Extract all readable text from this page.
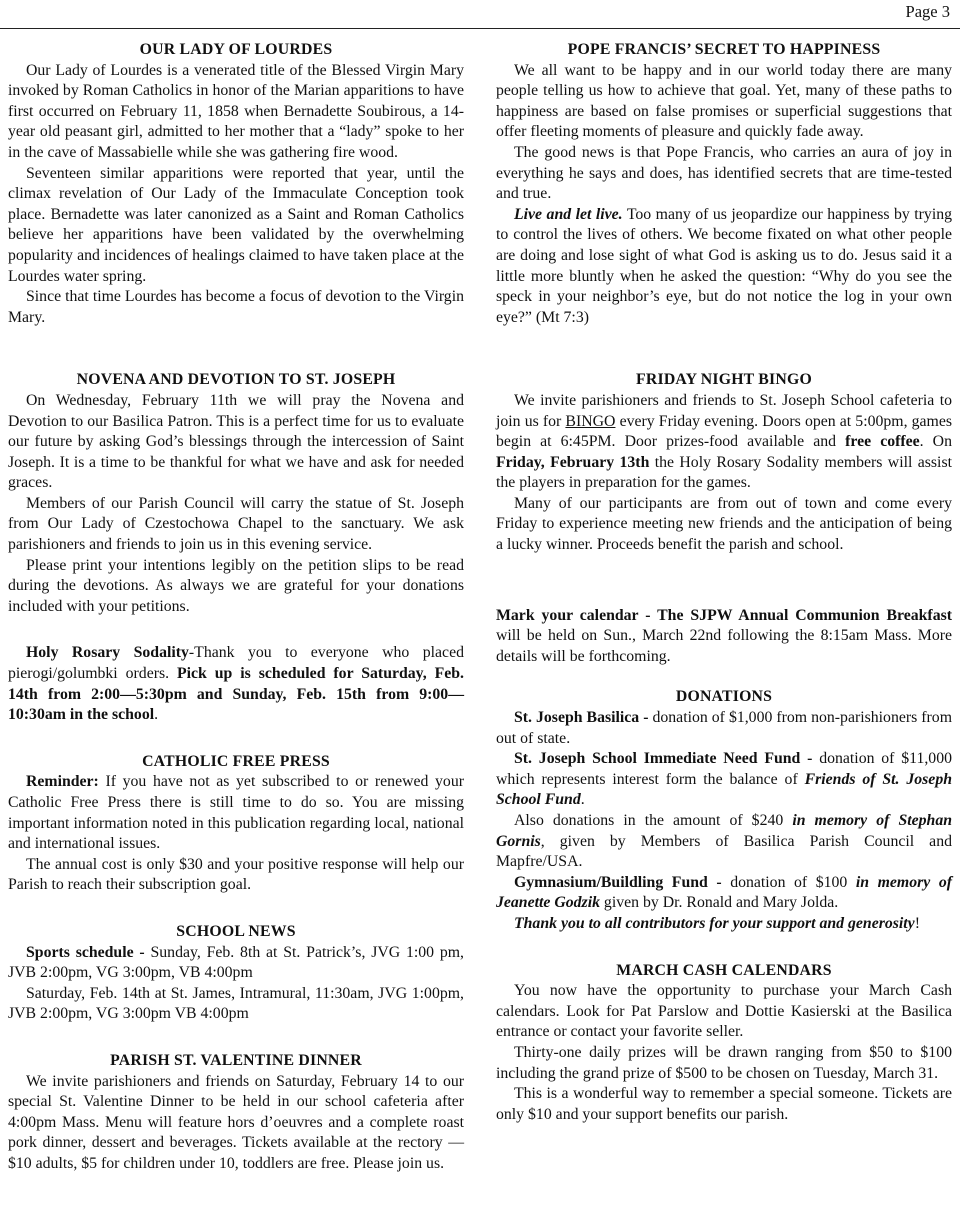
Page 3
OUR LADY OF LOURDES

Our Lady of Lourdes is a venerated title of the Blessed Virgin Mary invoked by Roman Catholics in honor of the Marian apparitions to have first occurred on February 11, 1858 when Bernadette Soubirous, a 14-year old peasant girl, admitted to her mother that a “lady” spoke to her in the cave of Massabielle while she was gathering fire wood.

Seventeen similar apparitions were reported that year, until the climax revelation of Our Lady of the Immaculate Conception took place. Bernadette was later canonized as a Saint and Roman Catholics believe her apparitions have been validated by the overwhelming popularity and incidences of healings claimed to have taken place at the Lourdes water spring.

Since that time Lourdes has become a focus of devotion to the Virgin Mary.

NOVENA AND DEVOTION TO ST. JOSEPH

On Wednesday, February 11th we will pray the Novena and Devotion to our Basilica Patron. This is a perfect time for us to evaluate our future by asking God’s blessings through the intercession of Saint Joseph. It is a time to be thankful for what we have and ask for needed graces.

Members of our Parish Council will carry the statue of St. Joseph from Our Lady of Czestochowa Chapel to the sanctuary. We ask parishioners and friends to join us in this evening service.

Please print your intentions legibly on the petition slips to be read during the devotions. As always we are grateful for your donations included with your petitions.

Holy Rosary Sodality-Thank you to everyone who placed pierogi/golumbki orders. Pick up is scheduled for Saturday, Feb. 14th from 2:00—5:30pm and Sunday, Feb. 15th from 9:00—10:30am in the school.

CATHOLIC FREE PRESS

Reminder: If you have not as yet subscribed to or renewed your Catholic Free Press there is still time to do so. You are missing important information noted in this publication regarding local, national and international issues.

The annual cost is only $30 and your positive response will help our Parish to reach their subscription goal.

SCHOOL NEWS

Sports schedule - Sunday, Feb. 8th at St. Patrick’s, JVG 1:00 pm, JVB 2:00pm, VG 3:00pm, VB 4:00pm

Saturday, Feb. 14th at St. James, Intramural, 11:30am, JVG 1:00pm, JVB 2:00pm, VG 3:00pm VB 4:00pm

PARISH ST. VALENTINE DINNER

We invite parishioners and friends on Saturday, February 14 to our special St. Valentine Dinner to be held in our school cafeteria after 4:00pm Mass. Menu will feature hors d’oeuvres and a complete roast pork dinner, dessert and beverages. Tickets available at the rectory — $10 adults, $5 for children under 10, toddlers are free. Please join us.

POPE FRANCIS’ SECRET TO HAPPINESS

We all want to be happy and in our world today there are many people telling us how to achieve that goal. Yet, many of these paths to happiness are based on false promises or superficial suggestions that offer fleeting moments of pleasure and quickly fade away.

The good news is that Pope Francis, who carries an aura of joy in everything he says and does, has identified secrets that are time-tested and true.

Live and let live. Too many of us jeopardize our happiness by trying to control the lives of others. We become fixated on what other people are doing and lose sight of what God is asking us to do. Jesus said it a little more bluntly when he asked the question: “Why do you see the speck in your neighbor’s eye, but do not notice the log in your own eye?” (Mt 7:3)

FRIDAY NIGHT BINGO

We invite parishioners and friends to St. Joseph School cafeteria to join us for BINGO every Friday evening. Doors open at 5:00pm, games begin at 6:45PM. Door prizes-food available and free coffee. On Friday, February 13th the Holy Rosary Sodality members will assist the players in preparation for the games.

Many of our participants are from out of town and come every Friday to experience meeting new friends and the anticipation of being a lucky winner. Proceeds benefit the parish and school.

Mark your calendar - The SJPW Annual Communion Breakfast will be held on Sun., March 22nd following the 8:15am Mass. More details will be forthcoming.

DONATIONS

St. Joseph Basilica - donation of $1,000 from non-parishioners from out of state.

St. Joseph School Immediate Need Fund - donation of $11,000 which represents interest form the balance of Friends of St. Joseph School Fund.

Also donations in the amount of $240 in memory of Stephan Gornis, given by Members of Basilica Parish Council and Mapfre/USA.

Gymnasium/Buildling Fund - donation of $100 in memory of Jeanette Godzik given by Dr. Ronald and Mary Jolda.

Thank you to all contributors for your support and generosity!

MARCH CASH CALENDARS

You now have the opportunity to purchase your March Cash calendars. Look for Pat Parslow and Dottie Kasierski at the Basilica entrance or contact your favorite seller.

Thirty-one daily prizes will be drawn ranging from $50 to $100 including the grand prize of $500 to be chosen on Tuesday, March 31.

This is a wonderful way to remember a special someone. Tickets are only $10 and your support benefits our parish.
